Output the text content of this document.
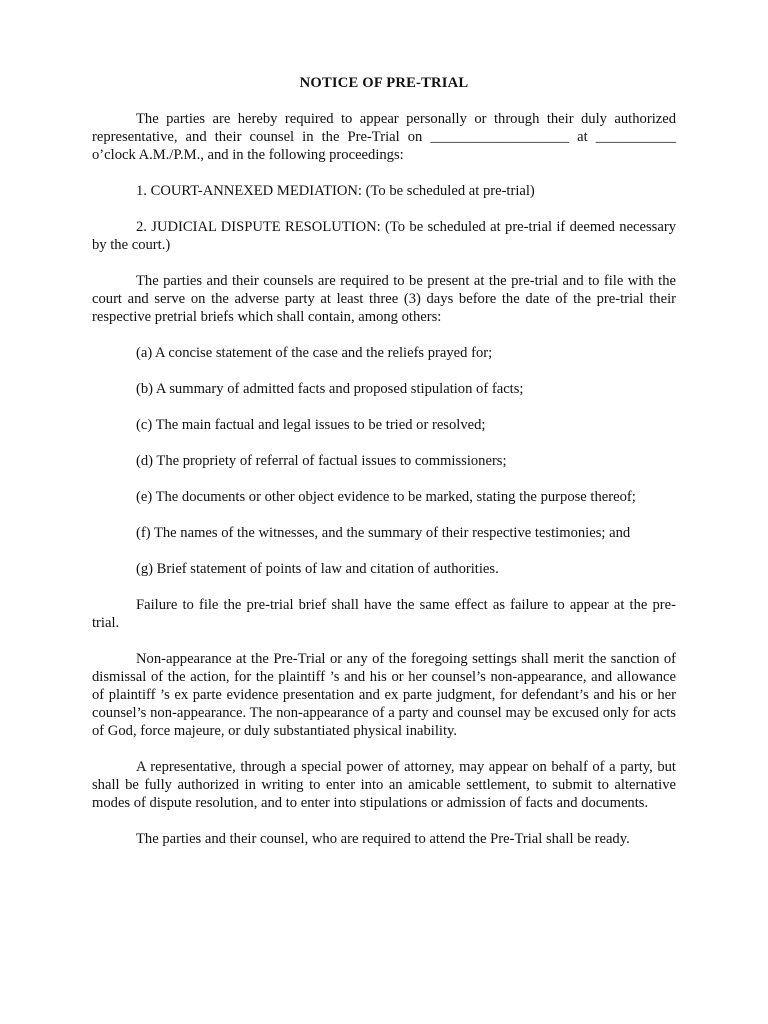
NOTICE OF PRE-TRIAL

The parties are hereby required to appear personally or through their duly authorized representative, and their counsel in the Pre-Trial on ___________________ at ___________ o’clock A.M./P.M., and in the following proceedings:

1. COURT-ANNEXED MEDIATION: (To be scheduled at pre-trial)

2. JUDICIAL DISPUTE RESOLUTION: (To be scheduled at pre-trial if deemed necessary by the court.)

The parties and their counsels are required to be present at the pre-trial and to file with the court and serve on the adverse party at least three (3) days before the date of the pre-trial their respective pretrial briefs which shall contain, among others:

(a) A concise statement of the case and the reliefs prayed for;
(b) A summary of admitted facts and proposed stipulation of facts;
(c) The main factual and legal issues to be tried or resolved;
(d) The propriety of referral of factual issues to commissioners;
(e) The documents or other object evidence to be marked, stating the purpose thereof;
(f) The names of the witnesses, and the summary of their respective testimonies; and
(g) Brief statement of points of law and citation of authorities.

Failure to file the pre-trial brief shall have the same effect as failure to appear at the pre-trial.

Non-appearance at the Pre-Trial or any of the foregoing settings shall merit the sanction of dismissal of the action, for the plaintiff ’s and his or her counsel’s non-appearance, and allowance of plaintiff ’s ex parte evidence presentation and ex parte judgment, for defendant’s and his or her counsel’s non-appearance. The non-appearance of a party and counsel may be excused only for acts of God, force majeure, or duly substantiated physical inability.

A representative, through a special power of attorney, may appear on behalf of a party, but shall be fully authorized in writing to enter into an amicable settlement, to submit to alternative modes of dispute resolution, and to enter into stipulations or admission of facts and documents.

The parties and their counsel, who are required to attend the Pre-Trial shall be ready.
